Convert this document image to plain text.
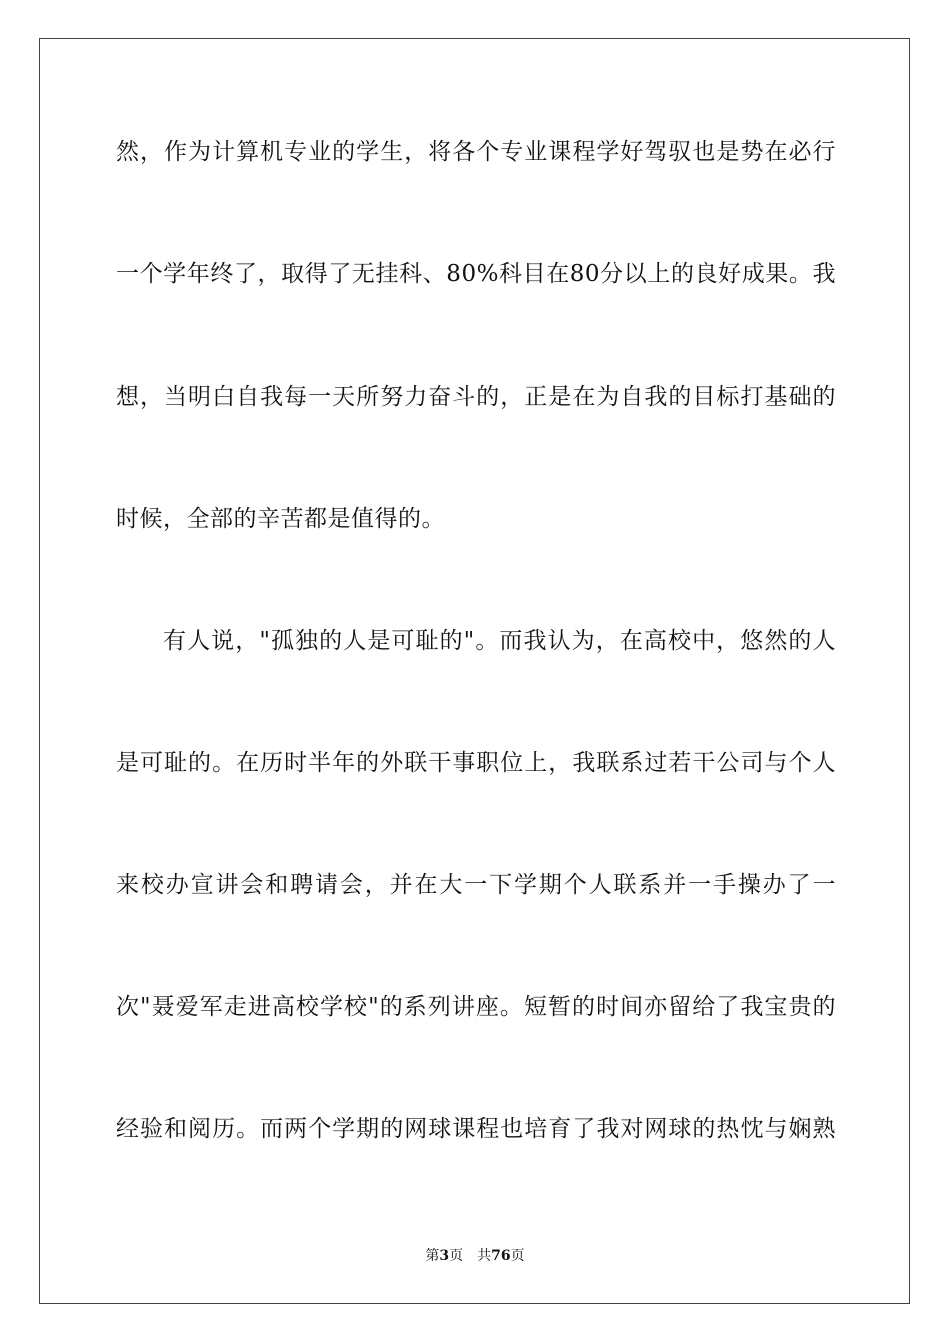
然，作为计算机专业的学生，将各个专业课程学好驾驭也是势在必行
一个学年终了，取得了无挂科、80%科目在80分以上的良好成果。我
想，当明白自我每一天所努力奋斗的，正是在为自我的目标打基础的
时候，全部的辛苦都是值得的。
有人说，"孤独的人是可耻的"。而我认为，在高校中，悠然的人
是可耻的。在历时半年的外联干事职位上，我联系过若干公司与个人
来校办宣讲会和聘请会，并在大一下学期个人联系并一手操办了一
次"聂爱军走进高校学校"的系列讲座。短暂的时间亦留给了我宝贵的
经验和阅历。而两个学期的网球课程也培育了我对网球的热忱与娴熟
第3页 共76页
